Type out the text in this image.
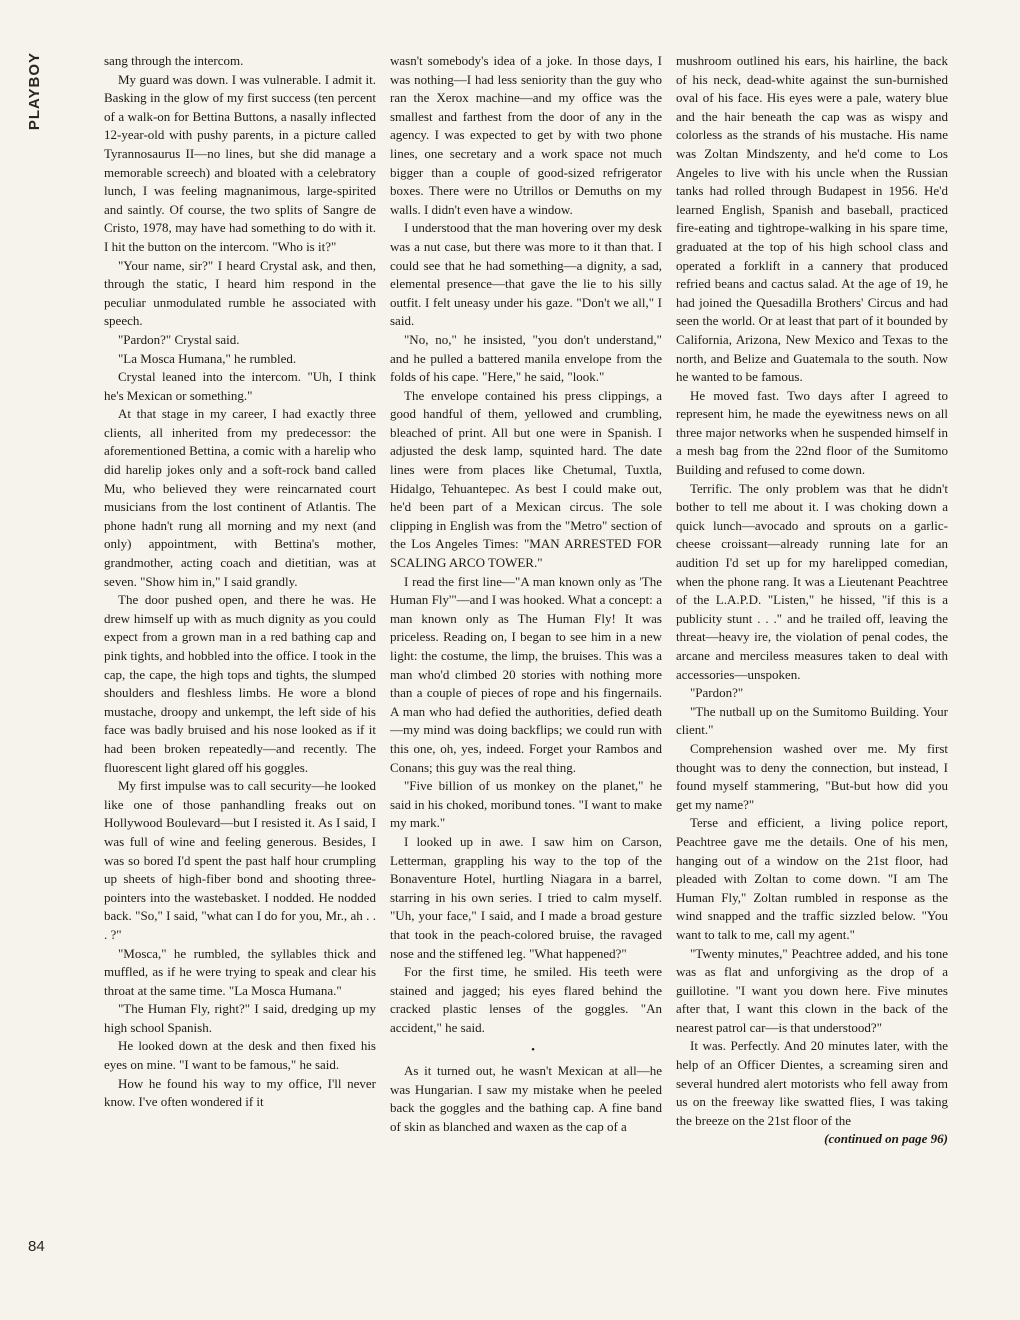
PLAYBOY
84

sang through the intercom.

My guard was down. I was vulnerable. I admit it. Basking in the glow of my first success (ten percent of a walk-on for Bettina Buttons, a nasally inflected 12-year-old with pushy parents, in a picture called Tyrannosaurus II—no lines, but she did manage a memorable screech) and bloated with a celebratory lunch, I was feeling magnanimous, large-spirited and saintly. Of course, the two splits of Sangre de Cristo, 1978, may have had something to do with it. I hit the button on the intercom. "Who is it?"

"Your name, sir?" I heard Crystal ask, and then, through the static, I heard him respond in the peculiar unmodulated rumble he associated with speech.

"Pardon?" Crystal said.

"La Mosca Humana," he rumbled.

Crystal leaned into the intercom. "Uh, I think he's Mexican or something."

At that stage in my career, I had exactly three clients, all inherited from my predecessor: the aforementioned Bettina, a comic with a harelip who did harelip jokes only and a soft-rock band called Mu, who believed they were reincarnated court musicians from the lost continent of Atlantis. The phone hadn't rung all morning and my next (and only) appointment, with Bettina's mother, grandmother, acting coach and dietitian, was at seven. "Show him in," I said grandly.

The door pushed open, and there he was. He drew himself up with as much dignity as you could expect from a grown man in a red bathing cap and pink tights, and hobbled into the office. I took in the cap, the cape, the high tops and tights, the slumped shoulders and fleshless limbs. He wore a blond mustache, droopy and unkempt, the left side of his face was badly bruised and his nose looked as if it had been broken repeatedly—and recently. The fluorescent light glared off his goggles.

My first impulse was to call security—he looked like one of those panhandling freaks out on Hollywood Boulevard—but I resisted it. As I said, I was full of wine and feeling generous. Besides, I was so bored I'd spent the past half hour crumpling up sheets of high-fiber bond and shooting three-pointers into the wastebasket. I nodded. He nodded back. "So," I said, "what can I do for you, Mr., ah . . . ?"

"Mosca," he rumbled, the syllables thick and muffled, as if he were trying to speak and clear his throat at the same time. "La Mosca Humana."

"The Human Fly, right?" I said, dredging up my high school Spanish.

He looked down at the desk and then fixed his eyes on mine. "I want to be famous," he said.

How he found his way to my office, I'll never know. I've often wondered if it

wasn't somebody's idea of a joke. In those days, I was nothing—I had less seniority than the guy who ran the Xerox machine—and my office was the smallest and farthest from the door of any in the agency. I was expected to get by with two phone lines, one secretary and a work space not much bigger than a couple of good-sized refrigerator boxes. There were no Utrillos or Demuths on my walls. I didn't even have a window.

I understood that the man hovering over my desk was a nut case, but there was more to it than that. I could see that he had something—a dignity, a sad, elemental presence—that gave the lie to his silly outfit. I felt uneasy under his gaze. "Don't we all," I said.

"No, no," he insisted, "you don't understand," and he pulled a battered manila envelope from the folds of his cape. "Here," he said, "look."

The envelope contained his press clippings, a good handful of them, yellowed and crumbling, bleached of print. All but one were in Spanish. I adjusted the desk lamp, squinted hard. The date lines were from places like Chetumal, Tuxtla, Hidalgo, Tehuantepec. As best I could make out, he'd been part of a Mexican circus. The sole clipping in English was from the "Metro" section of the Los Angeles Times: "MAN ARRESTED FOR SCALING ARCO TOWER."

I read the first line—"A man known only as 'The Human Fly'"—and I was hooked. What a concept: a man known only as The Human Fly! It was priceless. Reading on, I began to see him in a new light: the costume, the limp, the bruises. This was a man who'd climbed 20 stories with nothing more than a couple of pieces of rope and his fingernails. A man who had defied the authorities, defied death—my mind was doing backflips; we could run with this one, oh, yes, indeed. Forget your Rambos and Conans; this guy was the real thing.

"Five billion of us monkey on the planet," he said in his choked, moribund tones. "I want to make my mark."

I looked up in awe. I saw him on Carson, Letterman, grappling his way to the top of the Bonaventure Hotel, hurtling Niagara in a barrel, starring in his own series. I tried to calm myself. "Uh, your face," I said, and I made a broad gesture that took in the peach-colored bruise, the ravaged nose and the stiffened leg. "What happened?"

For the first time, he smiled. His teeth were stained and jagged; his eyes flared behind the cracked plastic lenses of the goggles. "An accident," he said.

•

As it turned out, he wasn't Mexican at all—he was Hungarian. I saw my mistake when he peeled back the goggles and the bathing cap. A fine band of skin as blanched and waxen as the cap of a

mushroom outlined his ears, his hairline, the back of his neck, dead-white against the sun-burnished oval of his face. His eyes were a pale, watery blue and the hair beneath the cap was as wispy and colorless as the strands of his mustache. His name was Zoltan Mindszenty, and he'd come to Los Angeles to live with his uncle when the Russian tanks had rolled through Budapest in 1956. He'd learned English, Spanish and baseball, practiced fire-eating and tightrope-walking in his spare time, graduated at the top of his high school class and operated a forklift in a cannery that produced refried beans and cactus salad. At the age of 19, he had joined the Quesadilla Brothers' Circus and had seen the world. Or at least that part of it bounded by California, Arizona, New Mexico and Texas to the north, and Belize and Guatemala to the south. Now he wanted to be famous.

He moved fast. Two days after I agreed to represent him, he made the eyewitness news on all three major networks when he suspended himself in a mesh bag from the 22nd floor of the Sumitomo Building and refused to come down.

Terrific. The only problem was that he didn't bother to tell me about it. I was choking down a quick lunch—avocado and sprouts on a garlic-cheese croissant—already running late for an audition I'd set up for my harelipped comedian, when the phone rang. It was a Lieutenant Peachtree of the L.A.P.D. "Listen," he hissed, "if this is a publicity stunt . . ." and he trailed off, leaving the threat—heavy ire, the violation of penal codes, the arcane and merciless measures taken to deal with accessories—unspoken.

"Pardon?"

"The nutball up on the Sumitomo Building. Your client."

Comprehension washed over me. My first thought was to deny the connection, but instead, I found myself stammering, "But-but how did you get my name?"

Terse and efficient, a living police report, Peachtree gave me the details. One of his men, hanging out of a window on the 21st floor, had pleaded with Zoltan to come down. "I am The Human Fly," Zoltan rumbled in response as the wind snapped and the traffic sizzled below. "You want to talk to me, call my agent."

"Twenty minutes," Peachtree added, and his tone was as flat and unforgiving as the drop of a guillotine. "I want you down here. Five minutes after that, I want this clown in the back of the nearest patrol car—is that understood?"

It was. Perfectly. And 20 minutes later, with the help of an Officer Dientes, a screaming siren and several hundred alert motorists who fell away from us on the freeway like swatted flies, I was taking the breeze on the 21st floor of the

(continued on page 96)
